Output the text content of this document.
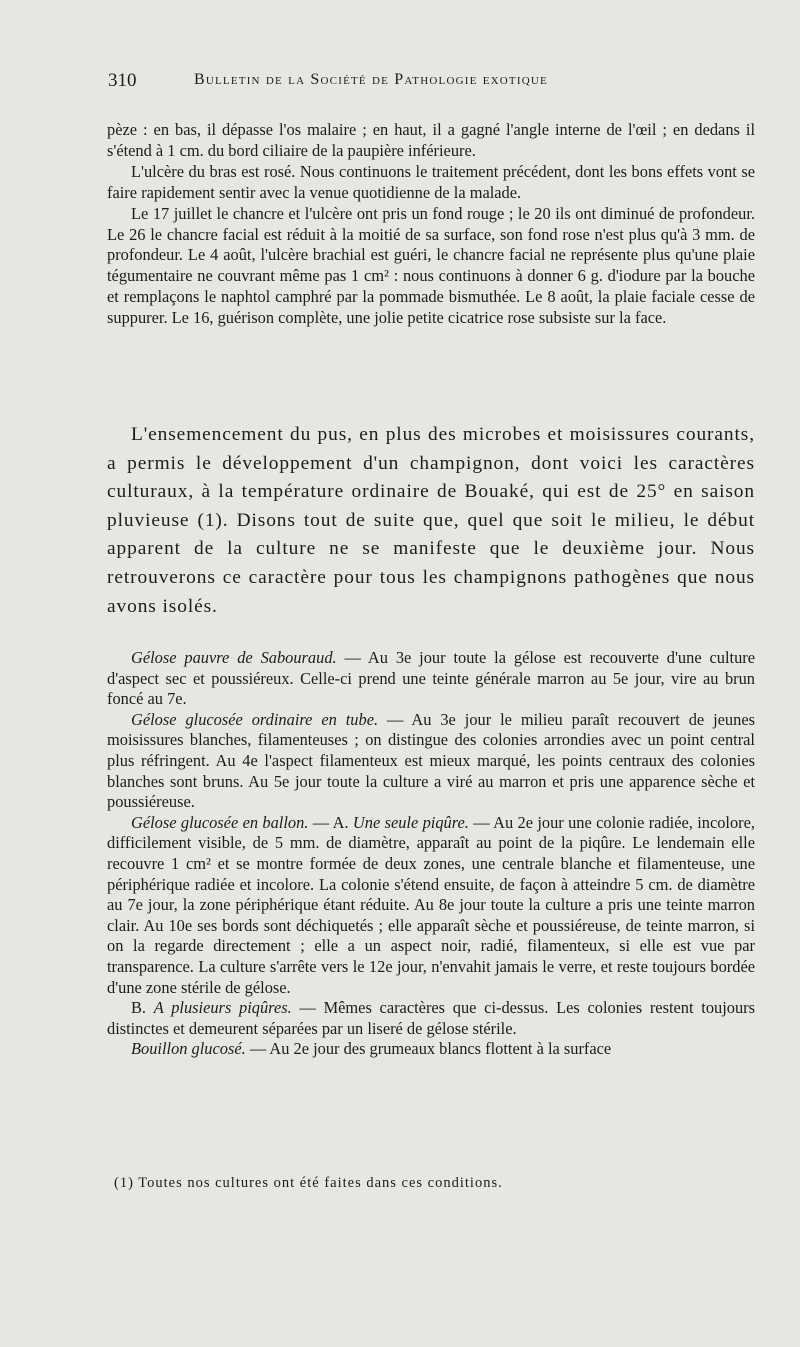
310	Bulletin de la Société de Pathologie exotique

pèze : en bas, il dépasse l'os malaire ; en haut, il a gagné l'angle interne de l'œil ; en dedans il s'étend à 1 cm. du bord ciliaire de la paupière inférieure.

L'ulcère du bras est rosé. Nous continuons le traitement précédent, dont les bons effets vont se faire rapidement sentir avec la venue quotidienne de la malade.

Le 17 juillet le chancre et l'ulcère ont pris un fond rouge ; le 20 ils ont diminué de profondeur. Le 26 le chancre facial est réduit à la moitié de sa surface, son fond rose n'est plus qu'à 3 mm. de profondeur. Le 4 août, l'ulcère brachial est guéri, le chancre facial ne représente plus qu'une plaie tégumentaire ne couvrant même pas 1 cm² : nous continuons à donner 6 g. d'iodure par la bouche et remplaçons le naphtol camphré par la pommade bismuthée. Le 8 août, la plaie faciale cesse de suppurer. Le 16, guérison complète, une jolie petite cicatrice rose subsiste sur la face.

L'ensemencement du pus, en plus des microbes et moisissures courants, a permis le développement d'un champignon, dont voici les caractères culturaux, à la température ordinaire de Bouaké, qui est de 25° en saison pluvieuse (1). Disons tout de suite que, quel que soit le milieu, le début apparent de la culture ne se manifeste que le deuxième jour. Nous retrouverons ce caractère pour tous les champignons pathogènes que nous avons isolés.

Gélose pauvre de Sabouraud. — Au 3e jour toute la gélose est recouverte d'une culture d'aspect sec et poussiéreux. Celle-ci prend une teinte générale marron au 5e jour, vire au brun foncé au 7e.

Gélose glucosée ordinaire en tube. — Au 3e jour le milieu paraît recouvert de jeunes moisissures blanches, filamenteuses ; on distingue des colonies arrondies avec un point central plus réfringent. Au 4e l'aspect filamenteux est mieux marqué, les points centraux des colonies blanches sont bruns. Au 5e jour toute la culture a viré au marron et pris une apparence sèche et poussiéreuse.

Gélose glucosée en ballon. — A. Une seule piqûre. — Au 2e jour une colonie radiée, incolore, difficilement visible, de 5 mm. de diamètre, apparaît au point de la piqûre. Le lendemain elle recouvre 1 cm² et se montre formée de deux zones, une centrale blanche et filamenteuse, une périphérique radiée et incolore. La colonie s'étend ensuite, de façon à atteindre 5 cm. de diamètre au 7e jour, la zone périphérique étant réduite. Au 8e jour toute la culture a pris une teinte marron clair. Au 10e ses bords sont déchiquetés ; elle apparaît sèche et poussiéreuse, de teinte marron, si on la regarde directement ; elle a un aspect noir, radié, filamenteux, si elle est vue par transparence. La culture s'arrête vers le 12e jour, n'envahit jamais le verre, et reste toujours bordée d'une zone stérile de gélose.

B. A plusieurs piqûres. — Mêmes caractères que ci-dessus. Les colonies restent toujours distinctes et demeurent séparées par un liseré de gélose stérile.

Bouillon glucosé. — Au 2e jour des grumeaux blancs flottent à la surface

(1) Toutes nos cultures ont été faites dans ces conditions.
